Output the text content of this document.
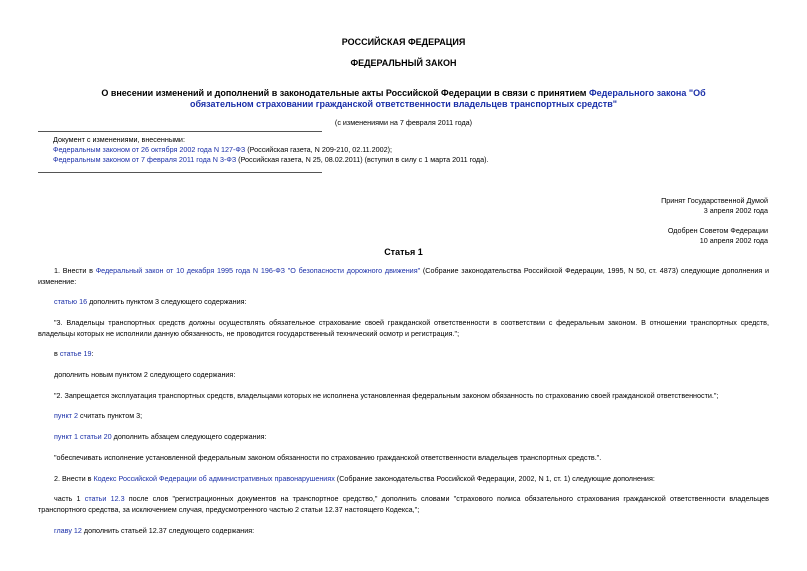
РОССИЙСКАЯ ФЕДЕРАЦИЯ
ФЕДЕРАЛЬНЫЙ ЗАКОН
О внесении изменений и дополнений в законодательные акты Российской Федерации в связи с принятием Федерального закона "Об обязательном страховании гражданской ответственности владельцев транспортных средств"
(с изменениями на 7 февраля 2011 года)
Документ с изменениями, внесенными:
Федеральным законом от 26 октября 2002 года N 127-ФЗ (Российская газета, N 209-210, 02.11.2002);
Федеральным законом от 7 февраля 2011 года N 3-ФЗ (Российская газета, N 25, 08.02.2011) (вступил в силу с 1 марта 2011 года).
Принят Государственной Думой
3 апреля 2002 года
Одобрен Советом Федерации
10 апреля 2002 года
Статья 1
1. Внести в Федеральный закон от 10 декабря 1995 года N 196-ФЗ "О безопасности дорожного движения" (Собрание законодательства Российской Федерации, 1995, N 50, ст. 4873) следующие дополнения и изменение:
статью 16 дополнить пунктом 3 следующего содержания:
"3. Владельцы транспортных средств должны осуществлять обязательное страхование своей гражданской ответственности в соответствии с федеральным законом. В отношении транспортных средств, владельцы которых не исполнили данную обязанность, не проводится государственный технический осмотр и регистрация.";
в статье 19:
дополнить новым пунктом 2 следующего содержания:
"2. Запрещается эксплуатация транспортных средств, владельцами которых не исполнена установленная федеральным законом обязанность по страхованию своей гражданской ответственности.";
пункт 2 считать пунктом 3;
пункт 1 статьи 20 дополнить абзацем следующего содержания:
"обеспечивать исполнение установленной федеральным законом обязанности по страхованию гражданской ответственности владельцев транспортных средств.".
2. Внести в Кодекс Российской Федерации об административных правонарушениях (Собрание законодательства Российской Федерации, 2002, N 1, ст. 1) следующие дополнения:
часть 1 статьи 12.3 после слов "регистрационных документов на транспортное средство," дополнить словами "страхового полиса обязательного страхования гражданской ответственности владельцев транспортного средства, за исключением случая, предусмотренного частью 2 статьи 12.37 настоящего Кодекса,";
главу 12 дополнить статьей 12.37 следующего содержания:
